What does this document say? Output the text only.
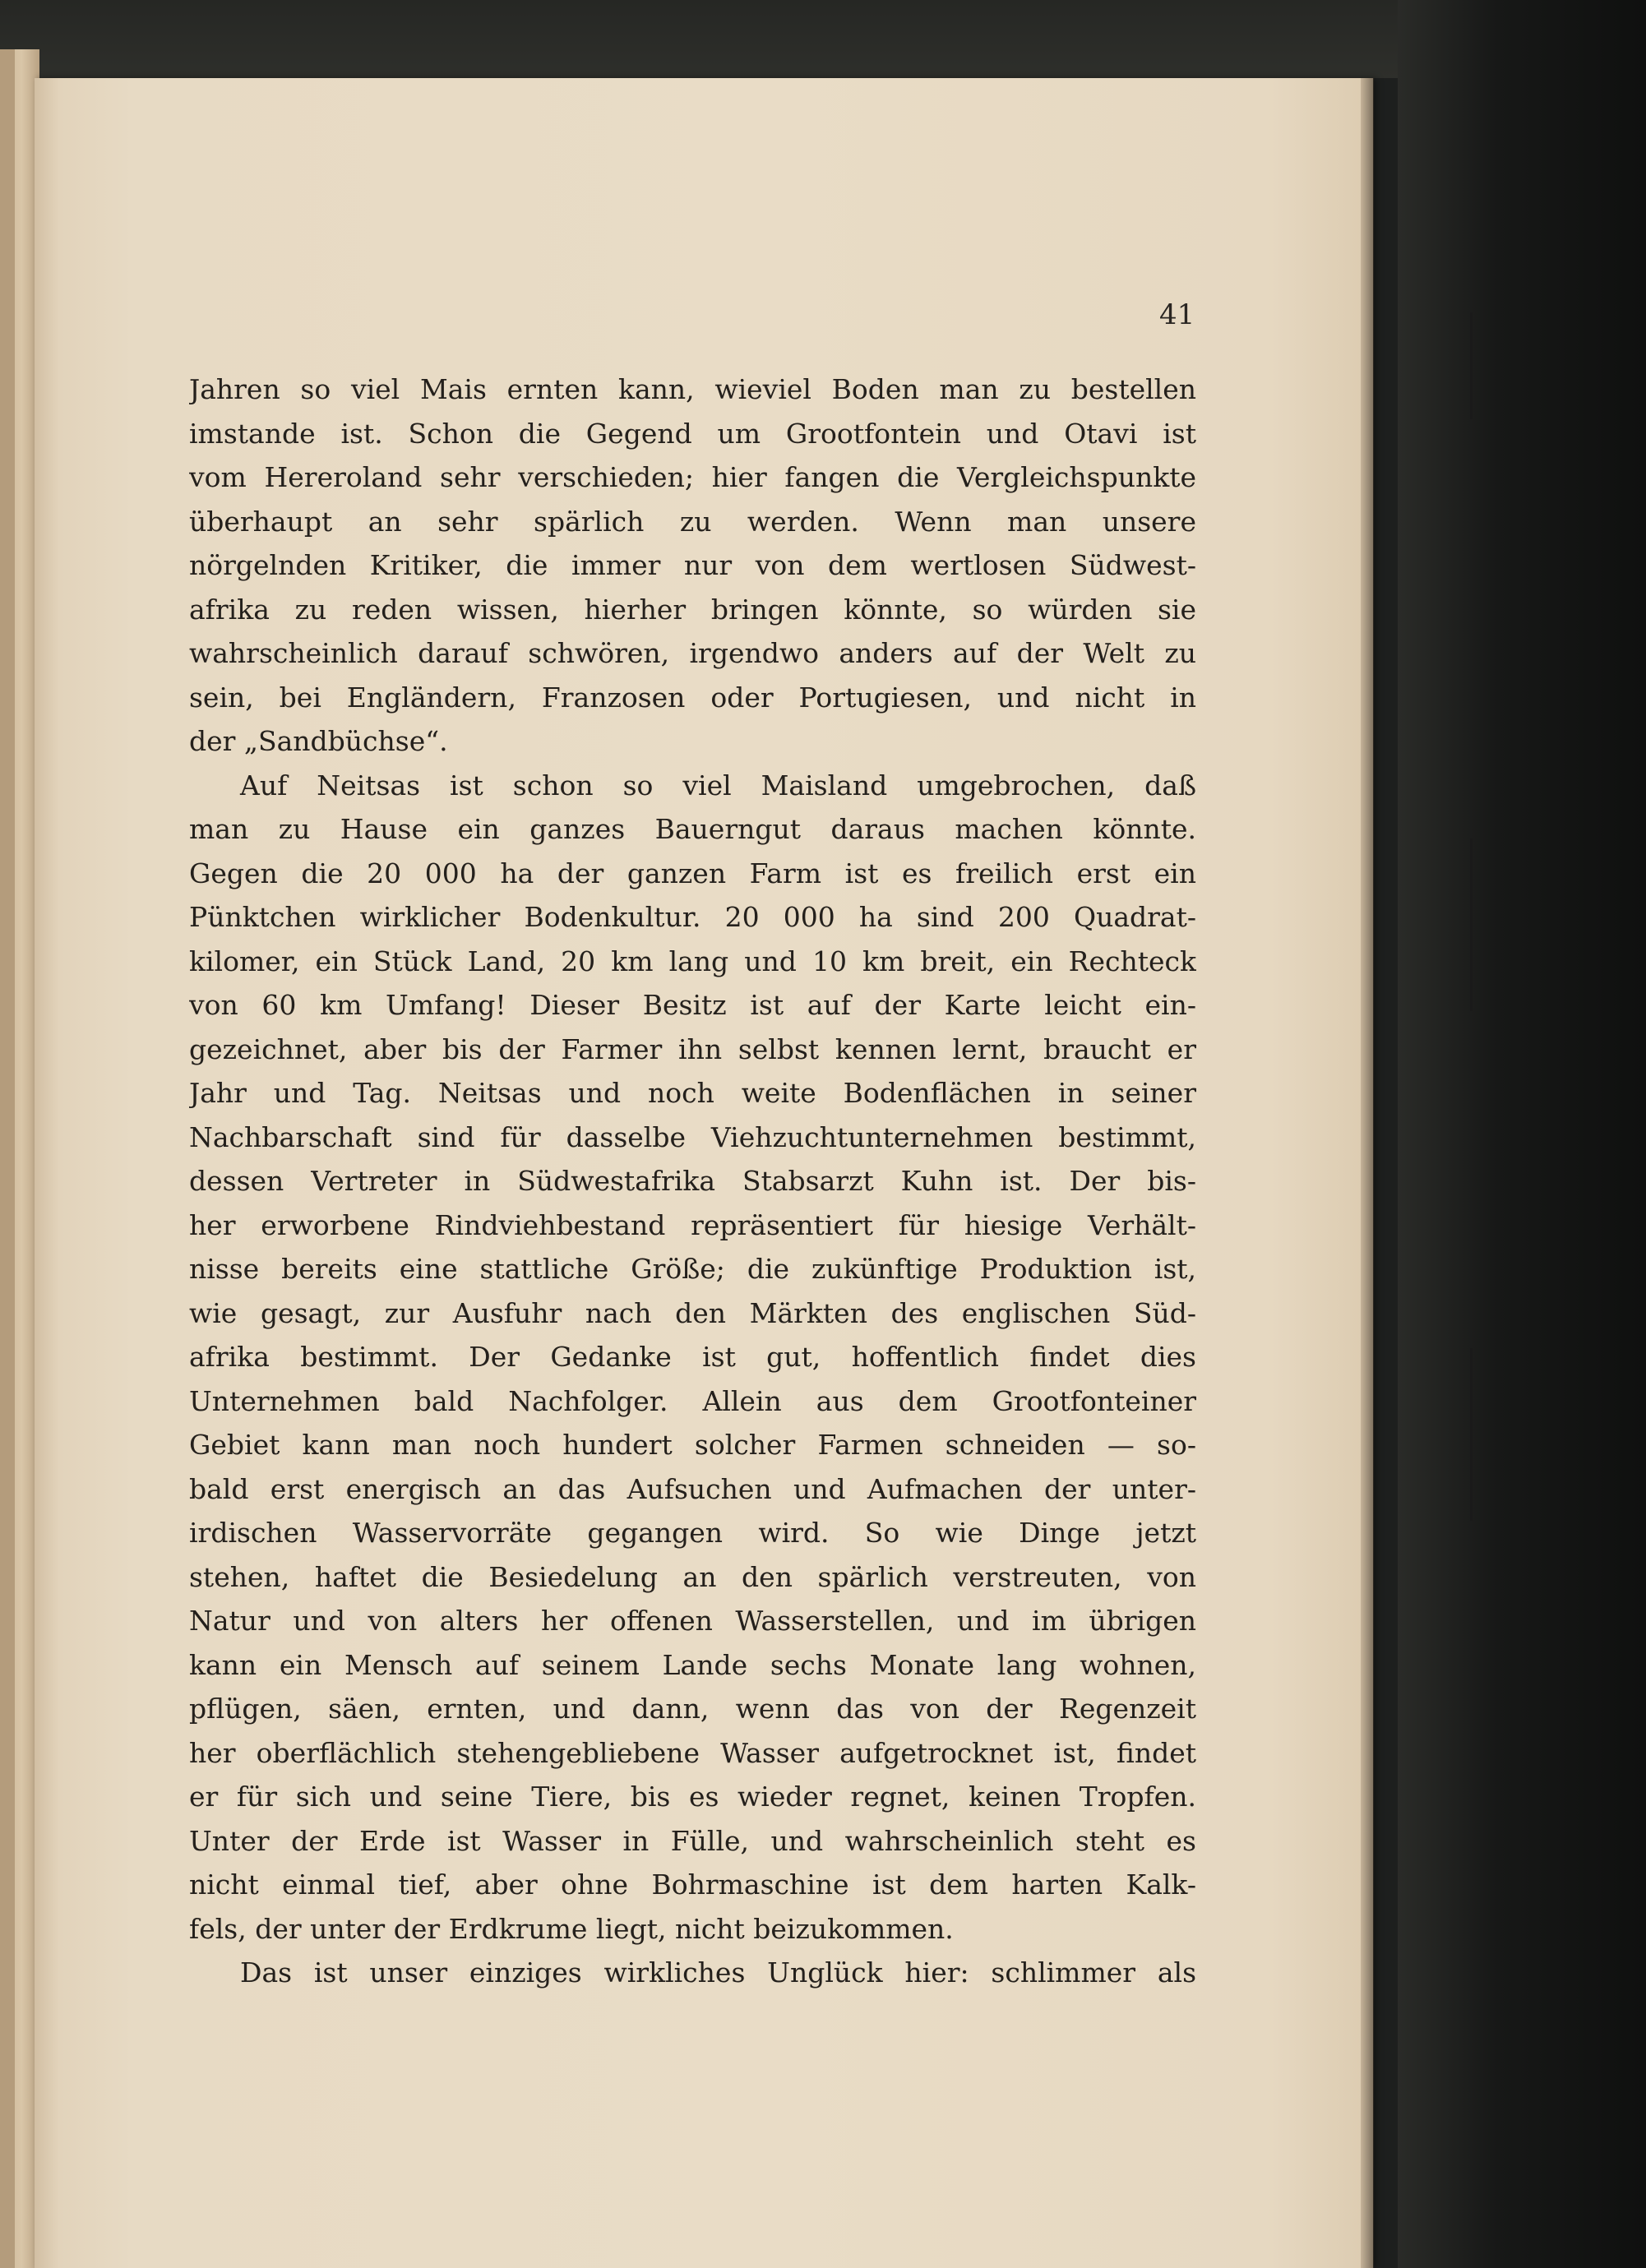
41
Jahren so viel Mais ernten kann, wieviel Boden man zu bestellen
imstande ist. Schon die Gegend um Grootfontein und Otavi ist
vom Hereroland sehr verschieden; hier fangen die Vergleichspunkte
überhaupt an sehr spärlich zu werden. Wenn man unsere
nörgelnden Kritiker, die immer nur von dem wertlosen Südwest-
afrika zu reden wissen, hierher bringen könnte, so würden sie
wahrscheinlich darauf schwören, irgendwo anders auf der Welt zu
sein, bei Engländern, Franzosen oder Portugiesen, und nicht in
der „Sandbüchse“.
Auf Neitsas ist schon so viel Maisland umgebrochen, daß
man zu Hause ein ganzes Bauerngut daraus machen könnte.
Gegen die 20 000 ha der ganzen Farm ist es freilich erst ein
Pünktchen wirklicher Bodenkultur. 20 000 ha sind 200 Quadrat-
kilomer, ein Stück Land, 20 km lang und 10 km breit, ein Rechteck
von 60 km Umfang! Dieser Besitz ist auf der Karte leicht ein-
gezeichnet, aber bis der Farmer ihn selbst kennen lernt, braucht er
Jahr und Tag. Neitsas und noch weite Bodenflächen in seiner
Nachbarschaft sind für dasselbe Viehzuchtunternehmen bestimmt,
dessen Vertreter in Südwestafrika Stabsarzt Kuhn ist. Der bis-
her erworbene Rindviehbestand repräsentiert für hiesige Verhält-
nisse bereits eine stattliche Größe; die zukünftige Produktion ist,
wie gesagt, zur Ausfuhr nach den Märkten des englischen Süd-
afrika bestimmt. Der Gedanke ist gut, hoffentlich findet dies
Unternehmen bald Nachfolger. Allein aus dem Grootfonteiner
Gebiet kann man noch hundert solcher Farmen schneiden — so-
bald erst energisch an das Aufsuchen und Aufmachen der unter-
irdischen Wasservorräte gegangen wird. So wie Dinge jetzt
stehen, haftet die Besiedelung an den spärlich verstreuten, von
Natur und von alters her offenen Wasserstellen, und im übrigen
kann ein Mensch auf seinem Lande sechs Monate lang wohnen,
pflügen, säen, ernten, und dann, wenn das von der Regenzeit
her oberflächlich stehengebliebene Wasser aufgetrocknet ist, findet
er für sich und seine Tiere, bis es wieder regnet, keinen Tropfen.
Unter der Erde ist Wasser in Fülle, und wahrscheinlich steht es
nicht einmal tief, aber ohne Bohrmaschine ist dem harten Kalk-
fels, der unter der Erdkrume liegt, nicht beizukommen.
Das ist unser einziges wirkliches Unglück hier: schlimmer als
